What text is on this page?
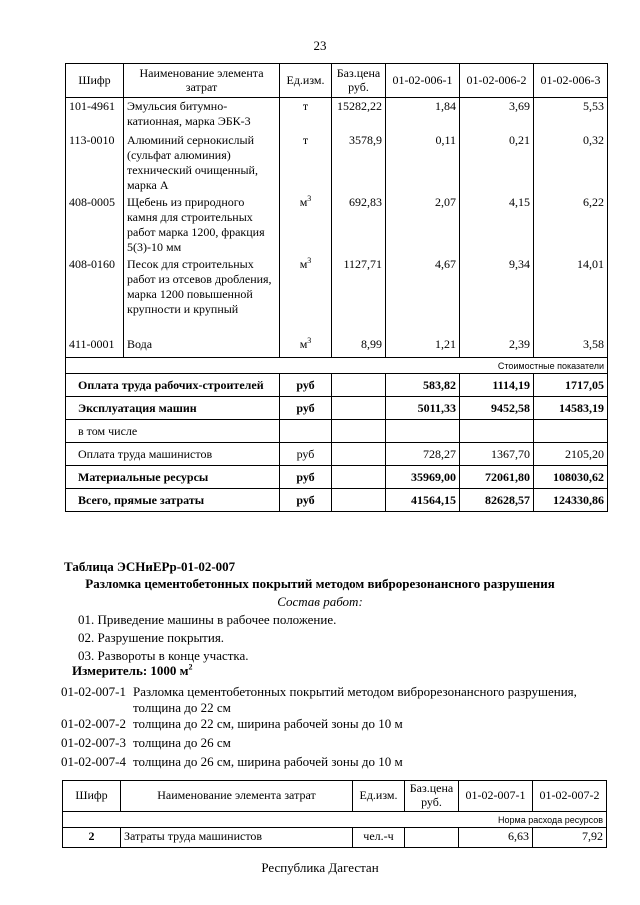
23
Шифр	Наименование элемента затрат	Ед.изм.	Баз.цена руб.	01-02-006-1	01-02-006-2	01-02-006-3
101-4961	Эмульсия битумно-катионная, марка ЭБК-3	т	15282,22	1,84	3,69	5,53
113-0010	Алюминий сернокислый (сульфат алюминия) технический очищенный, марка А	т	3578,9	0,11	0,21	0,32
408-0005	Щебень из природного камня для строительных работ марка 1200, фракция 5(3)-10 мм	$м^3$	692,83	2,07	4,15	6,22
408-0160	Песок для строительных работ из отсевов дробления, марка 1200 повышенной крупности и крупный	$м^3$	1127,71	4,67	9,34	14,01
411-0001	Вода	$м^3$	8,99	1,21	2,39	3,58
Стоимостные показатели						
Оплата труда рабочих-строителей		руб		583,82	1114,19	1717,05
Эксплуатация машин		руб		5011,33	9452,58	14583,19
в том числе						
Оплата труда машинистов		руб		728,27	1367,70	2105,20
Материальные ресурсы		руб		35969,00	72061,80	108030,62
Всего, прямые затраты		руб		41564,15	82628,57	124330,86
Таблица ЭСНиЕРр-01-02-007
Разломка цементобетонных покрытий методом виброрезонансного разрушения
Состав работ:
01. Приведение машины в рабочее положение.
02. Разрушение покрытия.
03. Развороты в конце участка.
Измеритель: 1000 $м^2$
01-02-007-1 Разломка цементобетонных покрытий методом виброрезонансного разрушения, толщина до 22 см
01-02-007-2 толщина до 22 см, ширина рабочей зоны до 10 м
01-02-007-3 толщина до 26 см
01-02-007-4 толщина до 26 см, ширина рабочей зоны до 10 м
Шифр	Наименование элемента затрат	Ед.изм.	Баз.цена руб.	01-02-007-1	01-02-007-2
Норма расхода ресурсов					
2	Затраты труда машинистов	чел.-ч		6,63	7,92
Республика Дагестан
